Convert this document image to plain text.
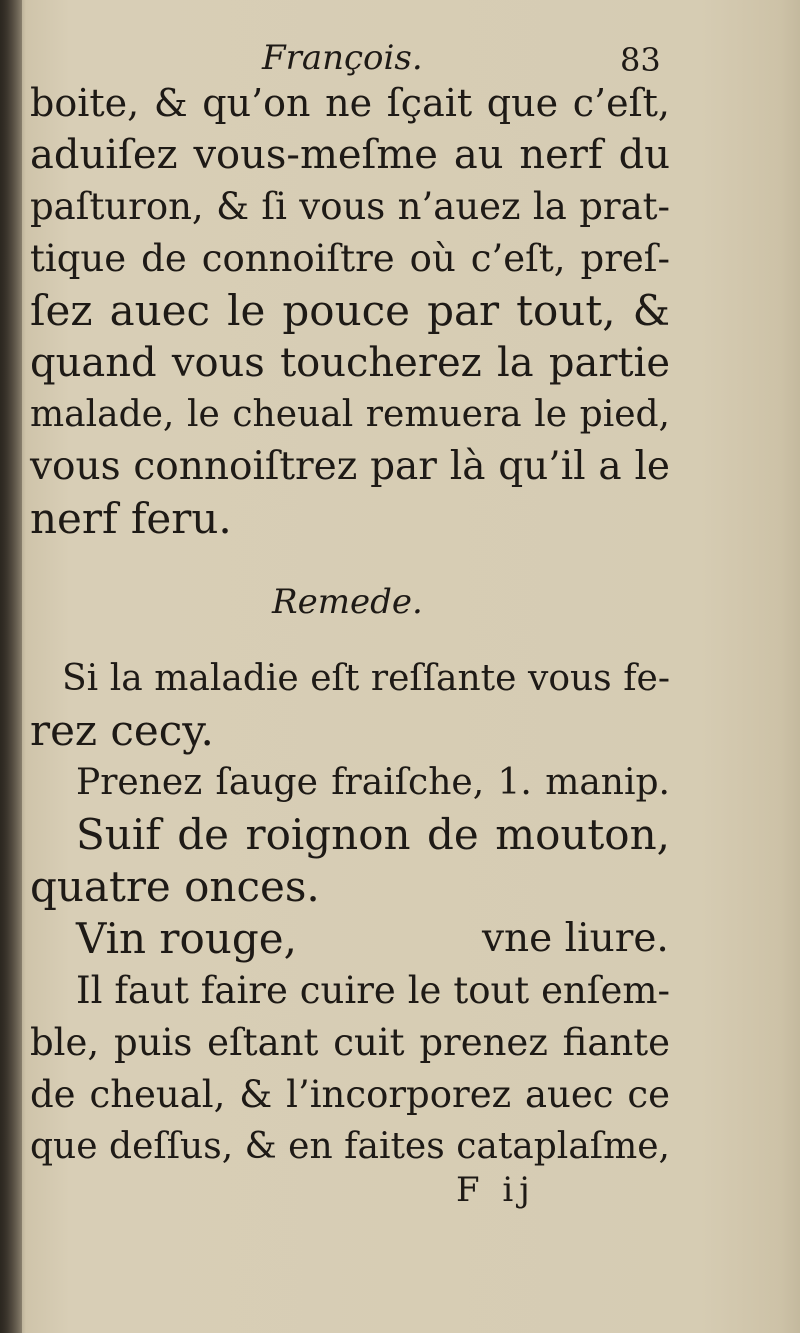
François.	83
boite, & qu’on ne ſçait que c’eſt,
aduiſez vous-meſme au nerf du
paſturon, & ſi vous n’auez la prat-
tique de connoiſtre où c’eſt, preſ-
ſez auec le pouce par tout, &
quand vous toucherez la partie
malade, le cheual remuera le pied,
vous connoiſtrez par là qu’il a le
nerf feru.
Remede.
Si la maladie eſt reſſante vous fe-
rez cecy.
Prenez ſauge fraiſche, 1. manip.
Suif de roignon de mouton,
quatre onces.
Vin rouge,	vne liure.
Il faut faire cuire le tout enſem-
ble, puis eſtant cuit prenez fiante
de cheual, & l’incorporez auec ce
que deſſus, & en faites cataplaſme,
F ij
